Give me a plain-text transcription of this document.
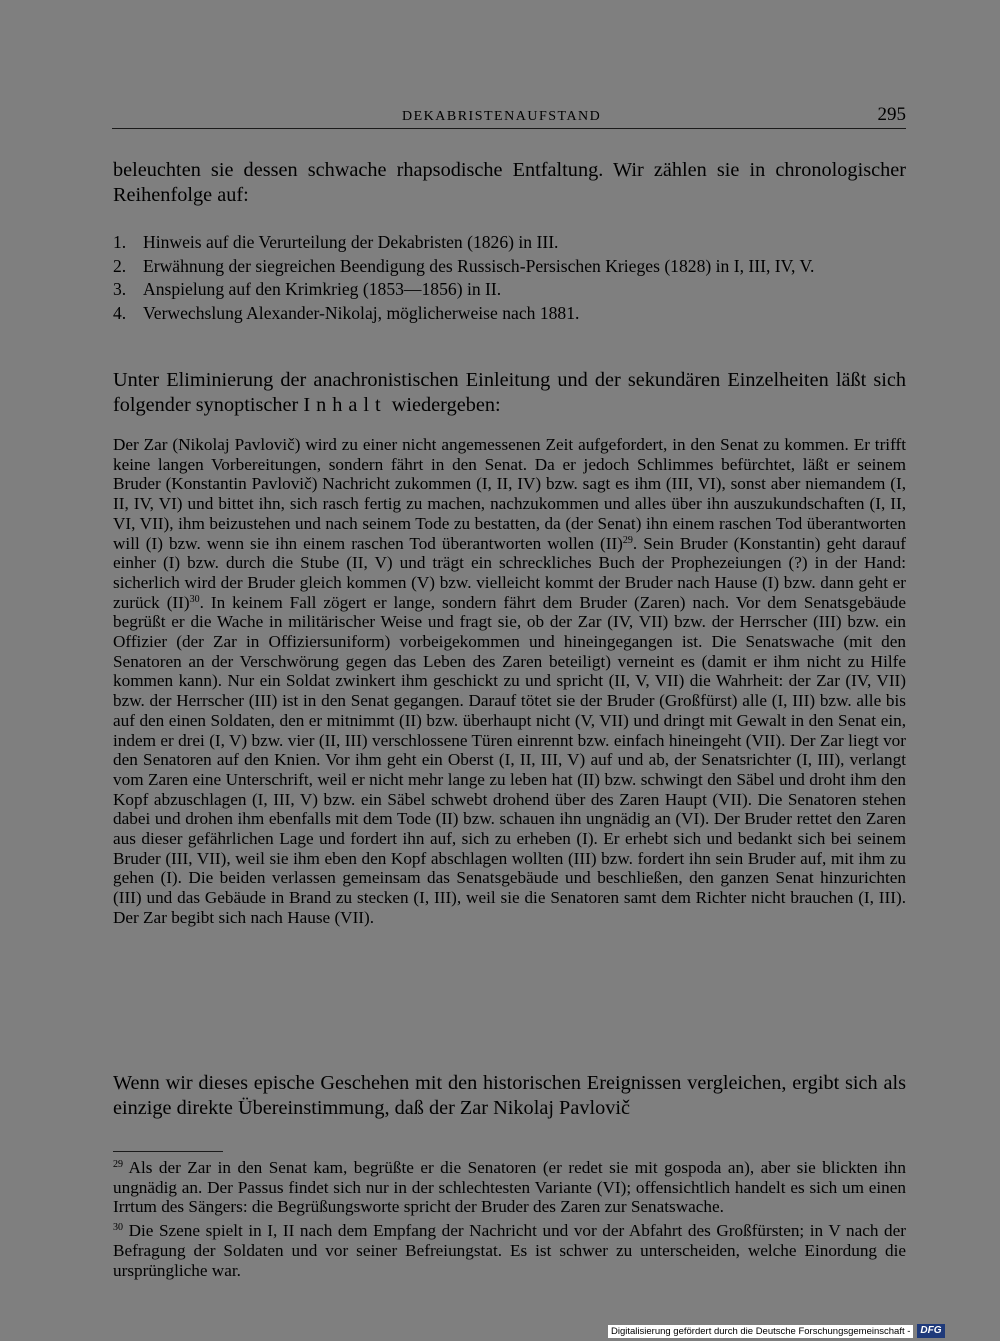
DEKABRISTENAUFSTAND	295
beleuchten sie dessen schwache rhapsodische Entfaltung. Wir zählen sie in chronologischer Reihenfolge auf:
1. Hinweis auf die Verurteilung der Dekabristen (1826) in III.
2. Erwähnung der siegreichen Beendigung des Russisch-Persischen Krieges (1828) in I, III, IV, V.
3. Anspielung auf den Krimkrieg (1853—1856) in II.
4. Verwechslung Alexander-Nikolaj, möglicherweise nach 1881.
Unter Eliminierung der anachronistischen Einleitung und der sekundären Einzelheiten läßt sich folgender synoptischer Inhalt wiedergeben:
Der Zar (Nikolaj Pavlovič) wird zu einer nicht angemessenen Zeit aufgefordert, in den Senat zu kommen. Er trifft keine langen Vorbereitungen, sondern fährt in den Senat. Da er jedoch Schlimmes befürchtet, läßt er seinem Bruder (Konstantin Pavlovič) Nachricht zukommen (I, II, IV) bzw. sagt es ihm (III, VI), sonst aber niemandem (I, II, IV, VI) und bittet ihn, sich rasch fertig zu machen, nachzukommen und alles über ihn auszukundschaften (I, II, VI, VII), ihm beizustehen und nach seinem Tode zu bestatten, da (der Senat) ihn einem raschen Tod überantworten will (I) bzw. wenn sie ihn einem raschen Tod überantworten wollen (II)$^{29}$. Sein Bruder (Konstantin) geht darauf einher (I) bzw. durch die Stube (II, V) und trägt ein schreckliches Buch der Prophezeiungen (?) in der Hand: sicherlich wird der Bruder gleich kommen (V) bzw. vielleicht kommt der Bruder nach Hause (I) bzw. dann geht er zurück (II)$^{30}$. In keinem Fall zögert er lange, sondern fährt dem Bruder (Zaren) nach. Vor dem Senatsgebäude begrüßt er die Wache in militärischer Weise und fragt sie, ob der Zar (IV, VII) bzw. der Herrscher (III) bzw. ein Offizier (der Zar in Offiziersuniform) vorbeigekommen und hineingegangen ist. Die Senatswache (mit den Senatoren an der Verschwörung gegen das Leben des Zaren beteiligt) verneint es (damit er ihm nicht zu Hilfe kommen kann). Nur ein Soldat zwinkert ihm geschickt zu und spricht (II, V, VII) die Wahrheit: der Zar (IV, VII) bzw. der Herrscher (III) ist in den Senat gegangen. Darauf tötet sie der Bruder (Großfürst) alle (I, III) bzw. alle bis auf den einen Soldaten, den er mitnimmt (II) bzw. überhaupt nicht (V, VII) und dringt mit Gewalt in den Senat ein, indem er drei (I, V) bzw. vier (II, III) verschlossene Türen einrennt bzw. einfach hineingeht (VII). Der Zar liegt vor den Senatoren auf den Knien. Vor ihm geht ein Oberst (I, II, III, V) auf und ab, der Senatsrichter (I, III), verlangt vom Zaren eine Unterschrift, weil er nicht mehr lange zu leben hat (II) bzw. schwingt den Säbel und droht ihm den Kopf abzuschlagen (I, III, V) bzw. ein Säbel schwebt drohend über des Zaren Haupt (VII). Die Senatoren stehen dabei und drohen ihm ebenfalls mit dem Tode (II) bzw. schauen ihn ungnädig an (VI). Der Bruder rettet den Zaren aus dieser gefährlichen Lage und fordert ihn auf, sich zu erheben (I). Er erhebt sich und bedankt sich bei seinem Bruder (III, VII), weil sie ihm eben den Kopf abschlagen wollten (III) bzw. fordert ihn sein Bruder auf, mit ihm zu gehen (I). Die beiden verlassen gemeinsam das Senatsgebäude und beschließen, den ganzen Senat hinzurichten (III) und das Gebäude in Brand zu stecken (I, III), weil sie die Senatoren samt dem Richter nicht brauchen (I, III). Der Zar begibt sich nach Hause (VII).
Wenn wir dieses epische Geschehen mit den historischen Ereignissen vergleichen, ergibt sich als einzige direkte Übereinstimmung, daß der Zar Nikolaj Pavlovič
$^{29}$ Als der Zar in den Senat kam, begrüßte er die Senatoren (er redet sie mit gospoda an), aber sie blickten ihn ungnädig an. Der Passus findet sich nur in der schlechtesten Variante (VI); offensichtlich handelt es sich um einen Irrtum des Sängers: die Begrüßungsworte spricht der Bruder des Zaren zur Senatswache.
$^{30}$ Die Szene spielt in I, II nach dem Empfang der Nachricht und vor der Abfahrt des Großfürsten; in V nach der Befragung der Soldaten und vor seiner Befreiungstat. Es ist schwer zu unterscheiden, welche Einordung die ursprüngliche war.
Digitalisierung gefördert durch die Deutsche Forschungsgemeinschaft -	DFG
